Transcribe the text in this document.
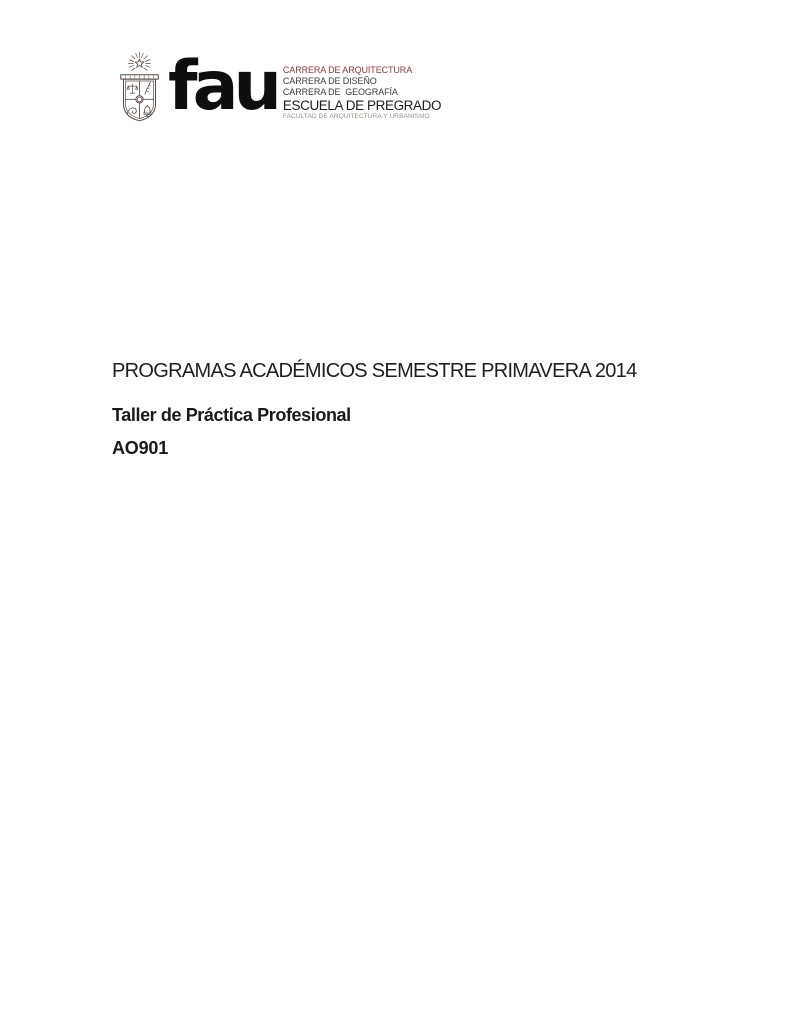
fau CARRERA DE ARQUITECTURA
CARRERA DE DISEÑO
CARRERA DE  GEOGRAFÍA
ESCUELA DE PREGRADO
FACULTAD DE ARQUITECTURA Y URBANISMO
PROGRAMAS ACADÉMICOS SEMESTRE PRIMAVERA 2014
Taller de Práctica Profesional
AO901
